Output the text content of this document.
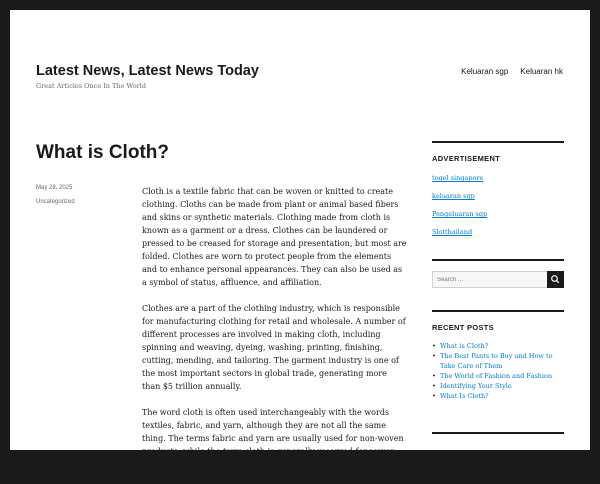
Latest News, Latest News Today
Great Articles Once In The World
Keluaran sgp Keluaran hk
What is Cloth?
May 28, 2025
Uncategorized

Cloth is a textile fabric that can be woven or knitted to create clothing. Cloths can be made from plant or animal based fibers and skins or synthetic materials. Clothing made from cloth is known as a garment or a dress. Clothes can be laundered or pressed to be creased for storage and presentation, but most are folded. Clothes are worn to protect people from the elements and to enhance personal appearances. They can also be used as a symbol of status, affluence, and affiliation.

Clothes are a part of the clothing industry, which is responsible for manufacturing clothing for retail and wholesale. A number of different processes are involved in making cloth, including spinning and weaving, dyeing, washing, printing, finishing, cutting, mending, and tailoring. The garment industry is one of the most important sectors in global trade, generating more than $5 trillion annually.

The word cloth is often used interchangeably with the words textiles, fabric, and yarn, although they are not all the same thing. The terms fabric and yarn are usually used for non-woven products, while the term cloth is generally reserved for woven products such as cotton

ADVERTISEMENT
togel singapore
keluaran sgp
Pengeluaran sgp
Slotthailand
Search …
RECENT POSTS
• What is Cloth?
• The Best Pants to Buy and How to Take Care of Them
• The World of Fashion and Fashion
• Identifying Your Style
• What Is Cloth?
